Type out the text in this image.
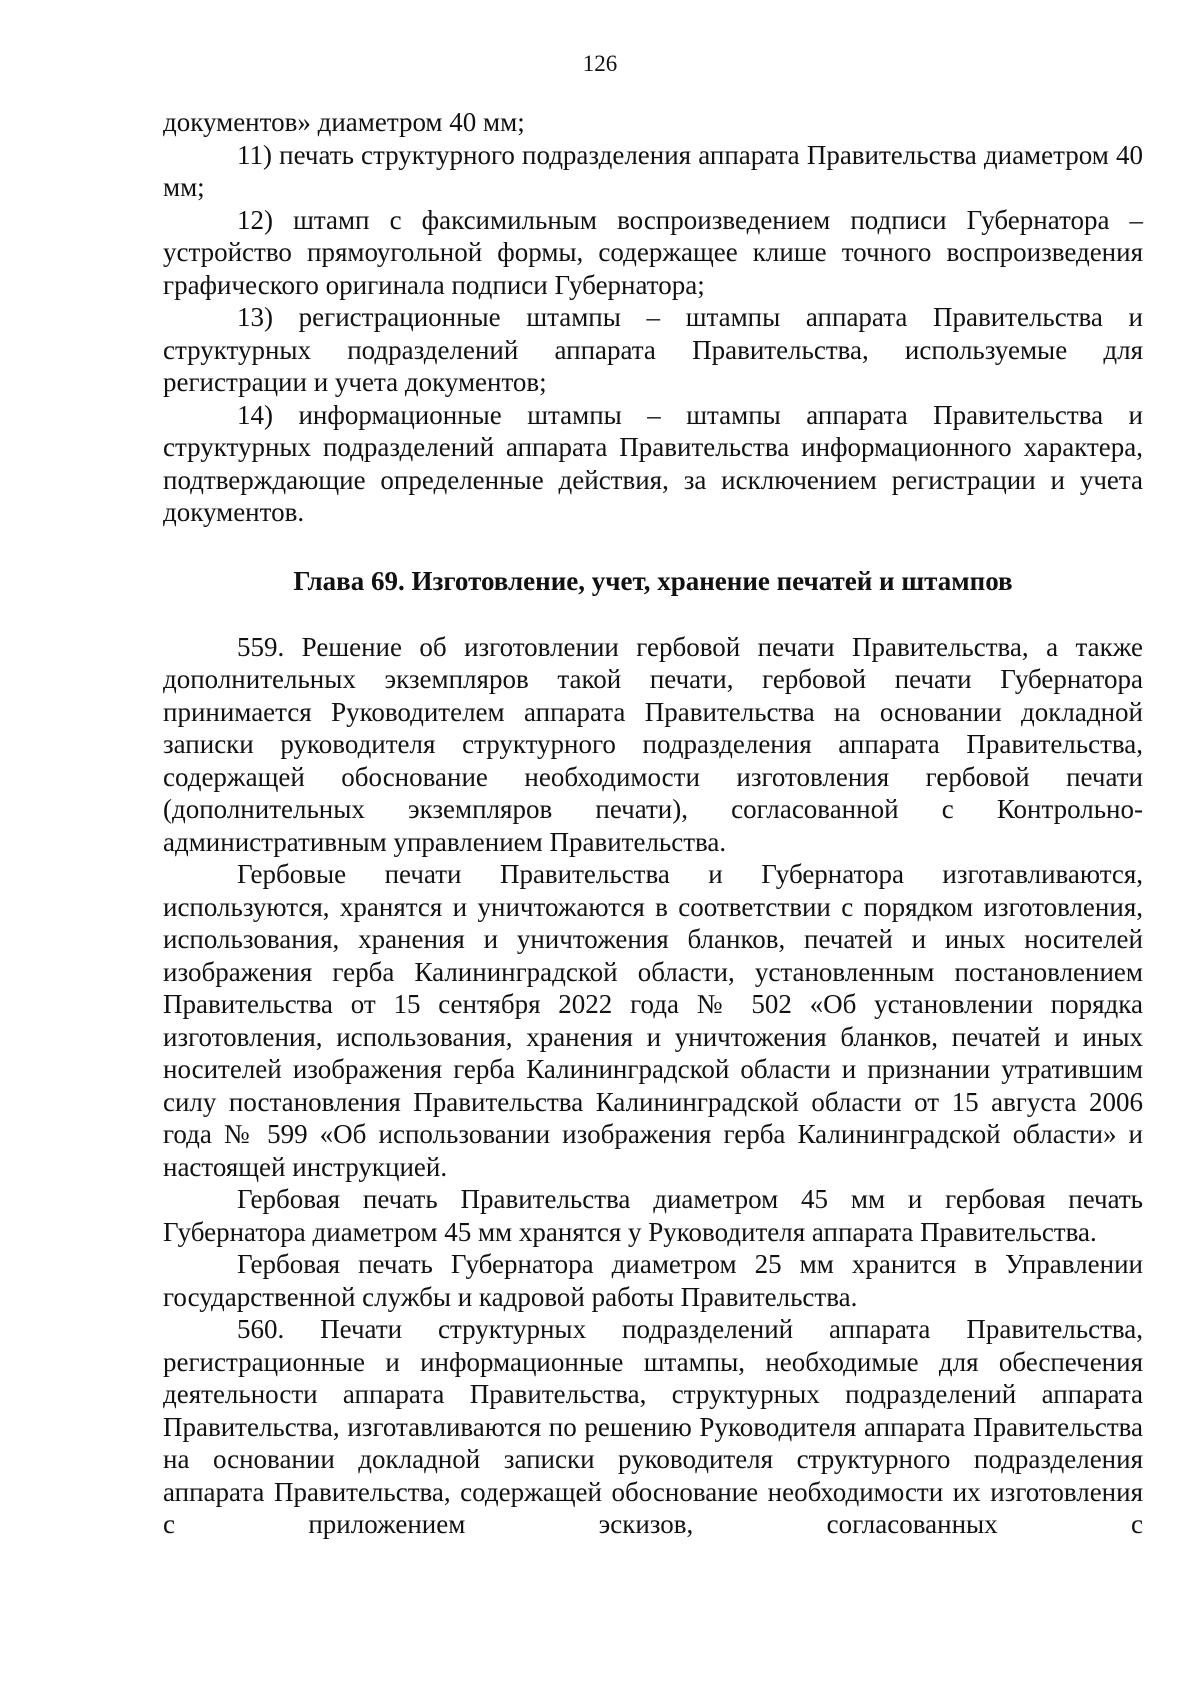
126

документов» диаметром 40 мм;

11) печать структурного подразделения аппарата Правительства диаметром 40 мм;

12) штамп с факсимильным воспроизведением подписи Губернатора – устройство прямоугольной формы, содержащее клише точного воспроизведения графического оригинала подписи Губернатора;

13) регистрационные штампы – штампы аппарата Правительства и структурных подразделений аппарата Правительства, используемые для регистрации и учета документов;

14) информационные штампы – штампы аппарата Правительства и структурных подразделений аппарата Правительства информационного характера, подтверждающие определенные действия, за исключением регистрации и учета документов.

Глава 69. Изготовление, учет, хранение печатей и штампов

559. Решение об изготовлении гербовой печати Правительства, а также дополнительных экземпляров такой печати, гербовой печати Губернатора принимается Руководителем аппарата Правительства на основании докладной записки руководителя структурного подразделения аппарата Правительства, содержащей обоснование необходимости изготовления гербовой печати (дополнительных экземпляров печати), согласованной с Контрольно-административным управлением Правительства.

Гербовые печати Правительства и Губернатора изготавливаются, используются, хранятся и уничтожаются в соответствии с порядком изготовления, использования, хранения и уничтожения бланков, печатей и иных носителей изображения герба Калининградской области, установленным постановлением Правительства от 15 сентября 2022 года № 502 «Об установлении порядка изготовления, использования, хранения и уничтожения бланков, печатей и иных носителей изображения герба Калининградской области и признании утратившим силу постановления Правительства Калининградской области от 15 августа 2006 года № 599 «Об использовании изображения герба Калининградской области» и настоящей инструкцией.

Гербовая печать Правительства диаметром 45 мм и гербовая печать Губернатора диаметром 45 мм хранятся у Руководителя аппарата Правительства.

Гербовая печать Губернатора диаметром 25 мм хранится в Управлении государственной службы и кадровой работы Правительства.

560. Печати структурных подразделений аппарата Правительства, регистрационные и информационные штампы, необходимые для обеспечения деятельности аппарата Правительства, структурных подразделений аппарата Правительства, изготавливаются по решению Руководителя аппарата Правительства на основании докладной записки руководителя структурного подразделения аппарата Правительства, содержащей обоснование необходимости их изготовления с приложением эскизов, согласованных с
